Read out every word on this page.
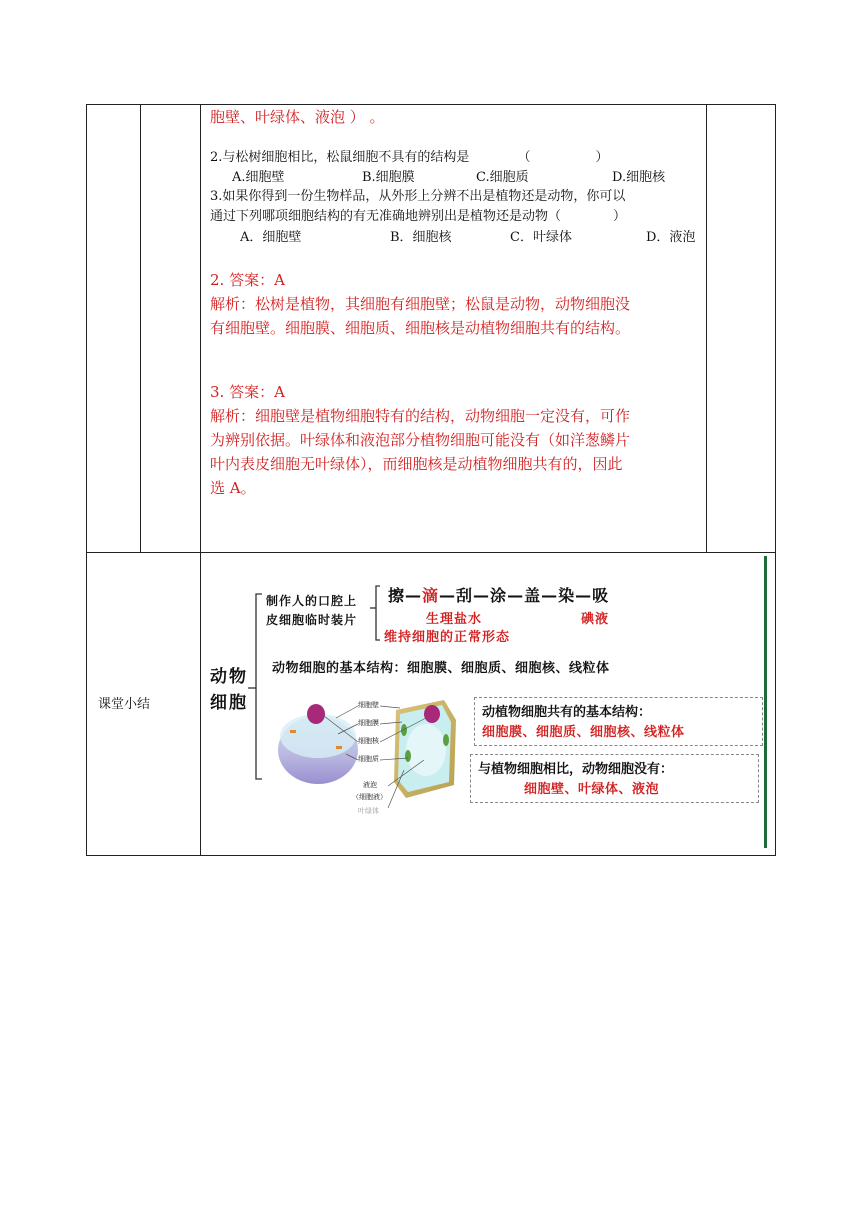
胞壁、叶绿体、液泡 ） 。
2.与松树细胞相比，松鼠细胞不具有的结构是	（　　　　　）
A.细胞壁	B.细胞膜	C.细胞质	D.细胞核
3.如果你得到一份生物样品，从外形上分辨不出是植物还是动物，你可以
通过下列哪项细胞结构的有无准确地辨别出是植物还是动物（　　　　）
A．细胞壁	B．细胞核	C．叶绿体	D．液泡
2. 答案：A
解析：松树是植物，其细胞有细胞壁；松鼠是动物，动物细胞没
有细胞壁。细胞膜、细胞质、细胞核是动植物细胞共有的结构。
3. 答案：A
解析：细胞壁是植物细胞特有的结构，动物细胞一定没有，可作
为辨别依据。叶绿体和液泡部分植物细胞可能没有（如洋葱鳞片
叶内表皮细胞无叶绿体），而细胞核是动植物细胞共有的，因此
选 A。
课堂小结
动物
细胞
制作人的口腔上
皮细胞临时装片
擦—滴—刮—涂—盖—染—吸
生理盐水	碘液
维持细胞的正常形态
动物细胞的基本结构：细胞膜、细胞质、细胞核、线粒体
细胞壁
细胞膜
细胞核
细胞质
液泡
（细胞液）
叶绿体
动植物细胞共有的基本结构：
细胞膜、细胞质、细胞核、线粒体
与植物细胞相比，动物细胞没有：
细胞壁、叶绿体、液泡
